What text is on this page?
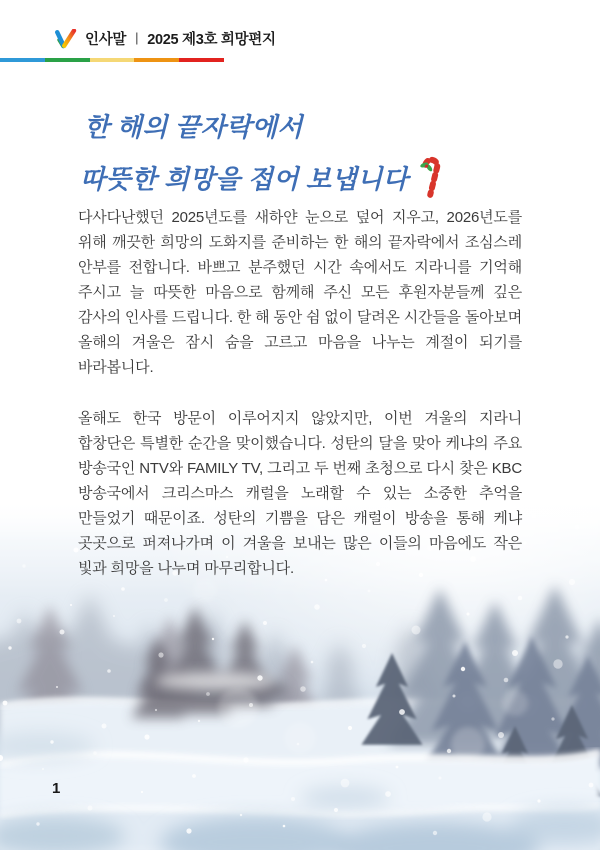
인사말 | 2025 제3호 희망편지
한 해의 끝자락에서
따뜻한 희망을 접어 보냅니다

다사다난했던 2025년도를 새하얀 눈으로 덮어 지우고, 2026년도를 위해 깨끗한 희망의 도화지를 준비하는 한 해의 끝자락에서 조심스레 안부를 전합니다. 바쁘고 분주했던 시간 속에서도 지라니를 기억해 주시고 늘 따뜻한 마음으로 함께해 주신 모든 후원자분들께 깊은 감사의 인사를 드립니다. 한 해 동안 쉼 없이 달려온 시간들을 돌아보며 올해의 겨울은 잠시 숨을 고르고 마음을 나누는 계절이 되기를 바라봅니다.

올해도 한국 방문이 이루어지지 않았지만, 이번 겨울의 지라니 합창단은 특별한 순간을 맞이했습니다. 성탄의 달을 맞아 케냐의 주요 방송국인 NTV와 FAMILY TV, 그리고 두 번째 초청으로 다시 찾은 KBC 방송국에서 크리스마스 캐럴을 노래할 수 있는 소중한 추억을 만들었기 때문이죠. 성탄의 기쁨을 담은 캐럴이 방송을 통해 케냐 곳곳으로 퍼져나가며 이 겨울을 보내는 많은 이들의 마음에도 작은 빛과 희망을 나누며 마무리합니다.

1
